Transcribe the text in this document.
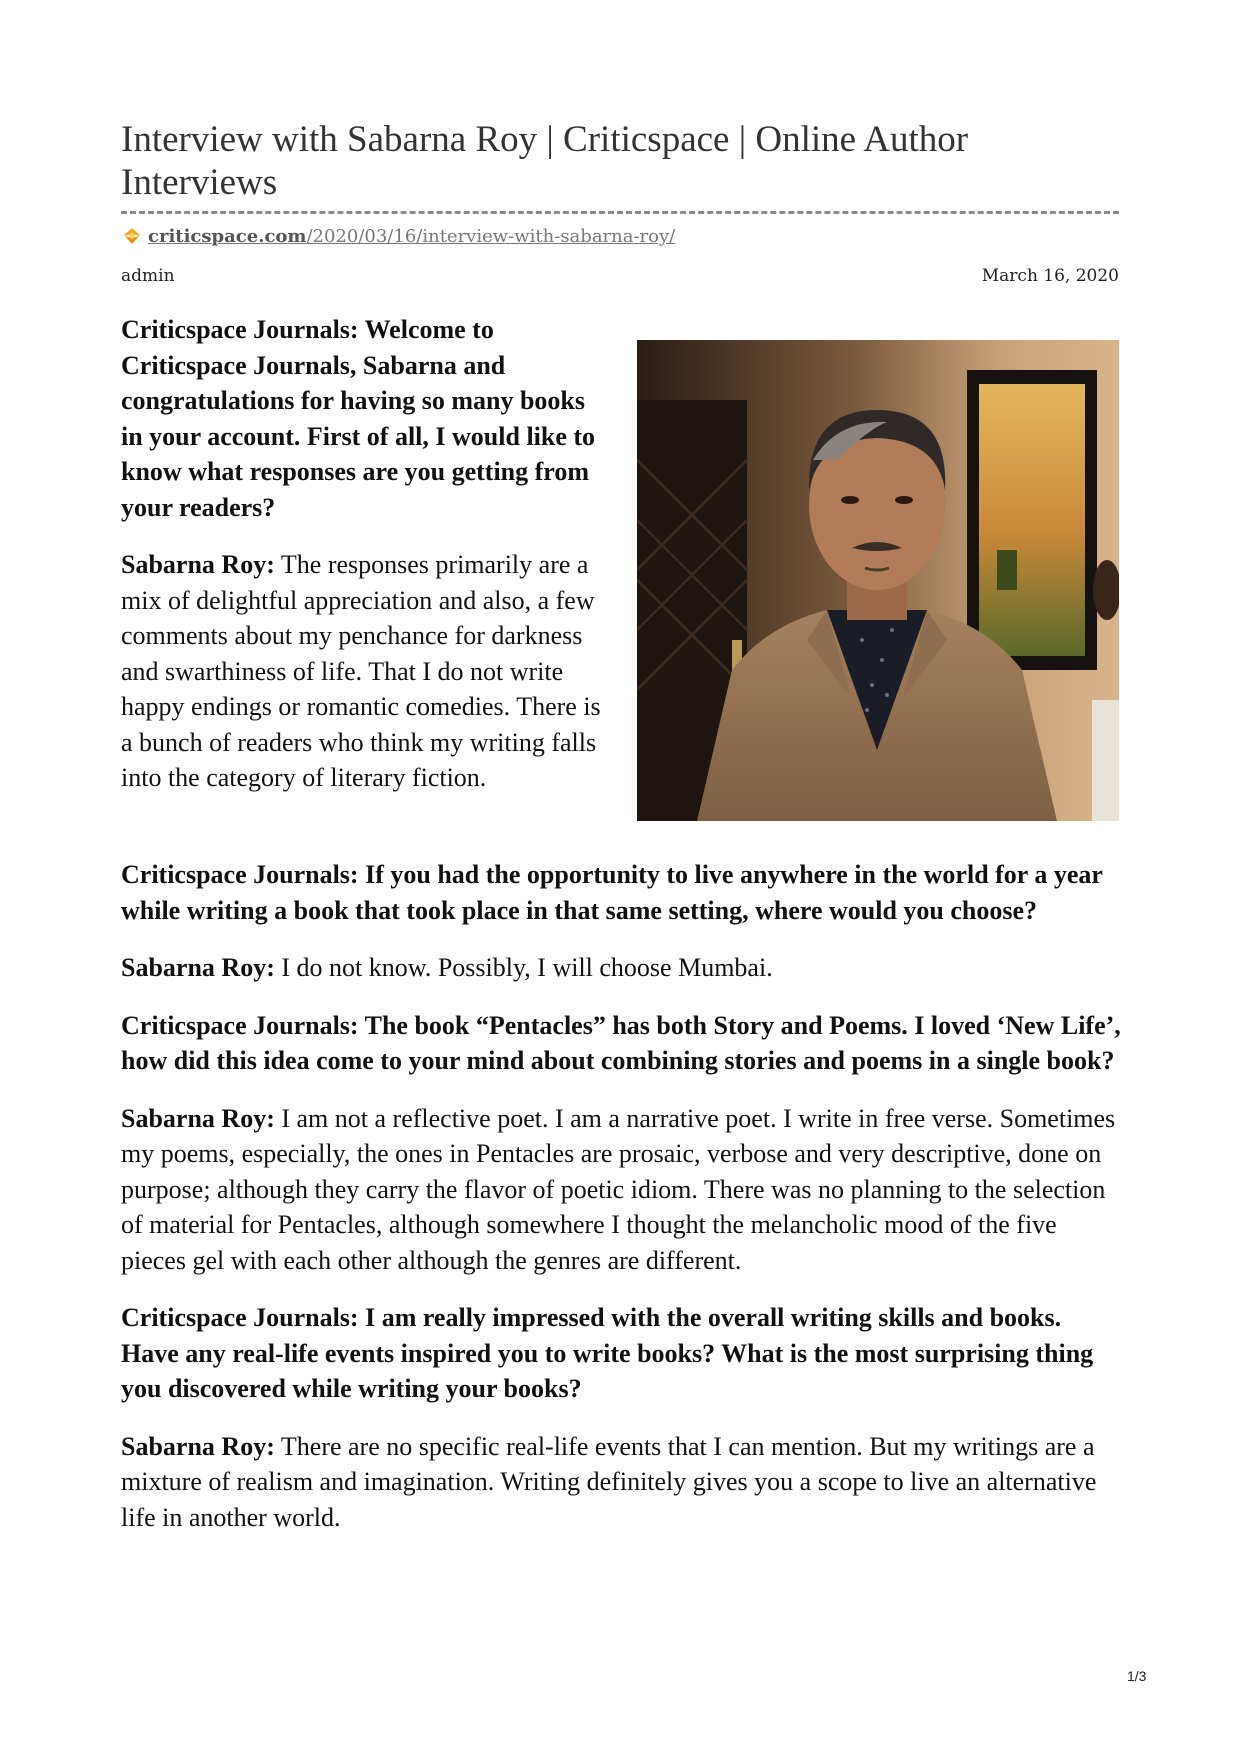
Interview with Sabarna Roy | Criticspace | Online Author Interviews
criticspace.com/2020/03/16/interview-with-sabarna-roy/
admin	March 16, 2020

Criticspace Journals: Welcome to Criticspace Journals, Sabarna and congratulations for having so many books in your account. First of all, I would like to know what responses are you getting from your readers?

Sabarna Roy: The responses primarily are a mix of delightful appreciation and also, a few comments about my penchance for darkness and swarthiness of life. That I do not write happy endings or romantic comedies. There is a bunch of readers who think my writing falls into the category of literary fiction.

Criticspace Journals: If you had the opportunity to live anywhere in the world for a year while writing a book that took place in that same setting, where would you choose?

Sabarna Roy: I do not know. Possibly, I will choose Mumbai.

Criticspace Journals: The book “Pentacles” has both Story and Poems. I loved ‘New Life’, how did this idea come to your mind about combining stories and poems in a single book?

Sabarna Roy: I am not a reflective poet. I am a narrative poet. I write in free verse. Sometimes my poems, especially, the ones in Pentacles are prosaic, verbose and very descriptive, done on purpose; although they carry the flavor of poetic idiom. There was no planning to the selection of material for Pentacles, although somewhere I thought the melancholic mood of the five pieces gel with each other although the genres are different.

Criticspace Journals: I am really impressed with the overall writing skills and books. Have any real-life events inspired you to write books? What is the most surprising thing you discovered while writing your books?

Sabarna Roy: There are no specific real-life events that I can mention. But my writings are a mixture of realism and imagination. Writing definitely gives you a scope to live an alternative life in another world.

1/3
